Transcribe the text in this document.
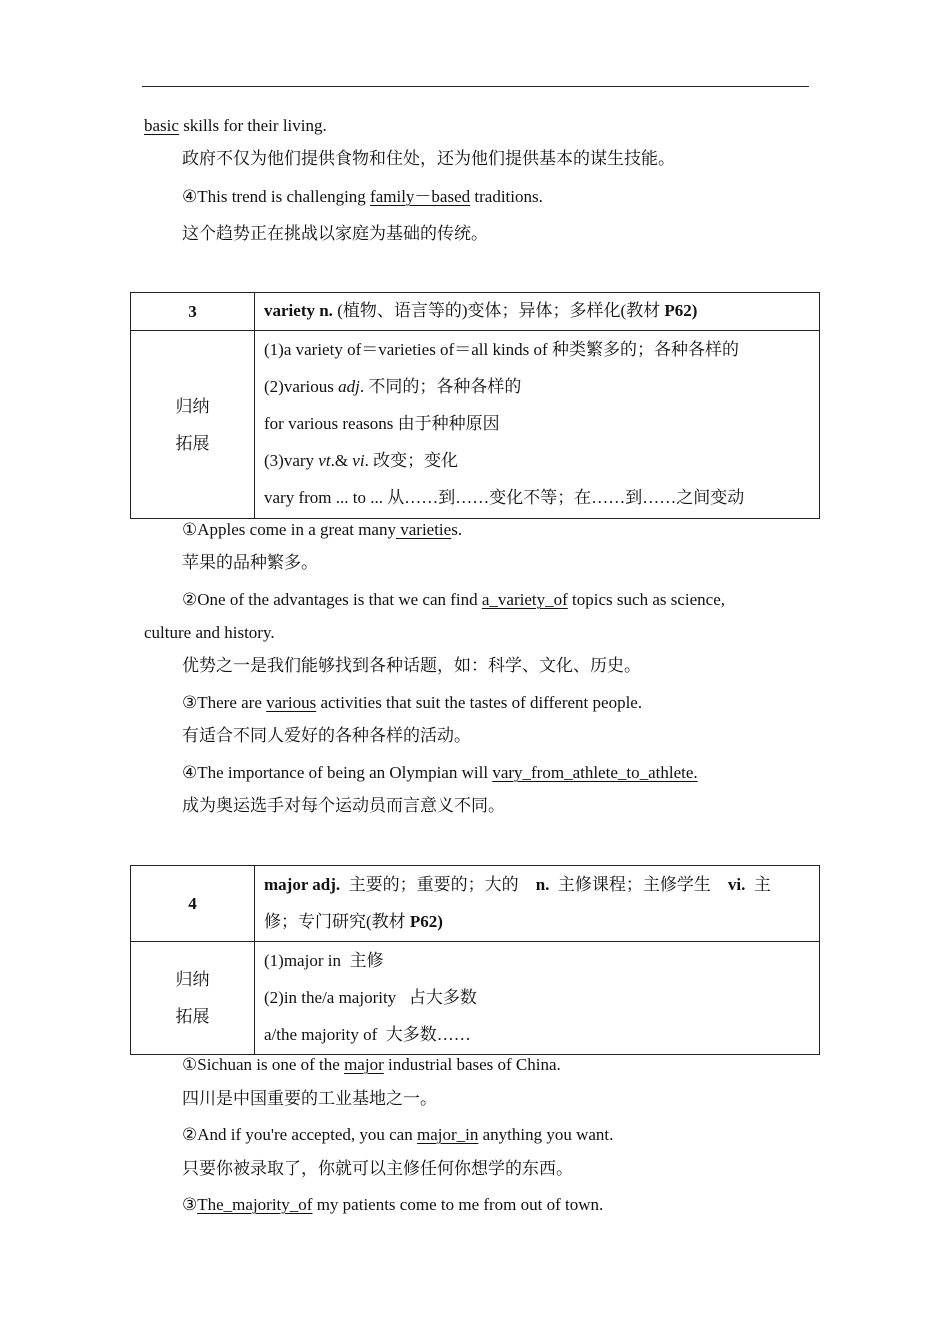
basic skills for their living.
政府不仅为他们提供食物和住处，还为他们提供基本的谋生技能。
④This trend is challenging family－based traditions.
这个趋势正在挑战以家庭为基础的传统。
3	variety n. (植物、语言等的)变体；异体；多样化(教材 P62)

归纳
拓展	(1)a variety of＝varieties of＝all kinds of 种类繁多的；各种各样的
(2)various adj. 不同的；各种各样的
for various reasons 由于种种原因
(3)vary vt.& vi. 改变；变化
vary from ... to ... 从……到……变化不等；在……到……之间变动
①Apples come in a great many varieties.
苹果的品种繁多。
②One of the advantages is that we can find a_variety_of topics such as science,
culture and history.
优势之一是我们能够找到各种话题，如：科学、文化、历史。
③There are various activities that suit the tastes of different people.
有适合不同人爱好的各种各样的活动。
④The importance of being an Olympian will vary_from_athlete_to_athlete.
成为奥运选手对每个运动员而言意义不同。
4	major adj.  主要的；重要的；大的    n.  主修课程；主修学生    vi.  主
修；专门研究(教材 P62)

归纳
拓展	(1)major in  主修
(2)in the/a majority   占大多数
a/the majority of  大多数……
①Sichuan is one of the major industrial bases of China.
四川是中国重要的工业基地之一。
②And if you're accepted, you can major_in anything you want.
只要你被录取了，你就可以主修任何你想学的东西。
③The_majority_of my patients come to me from out of town.
